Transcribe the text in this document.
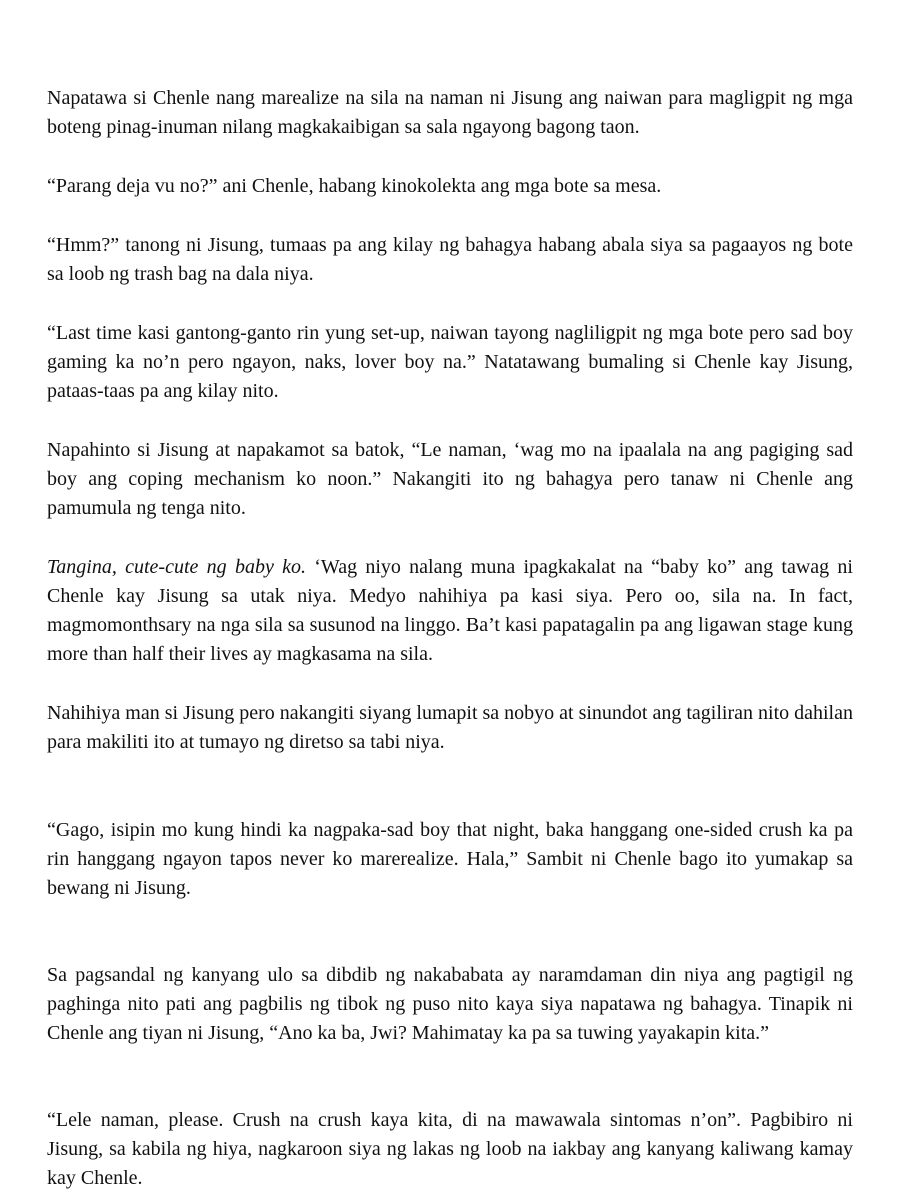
Napatawa si Chenle nang marealize na sila na naman ni Jisung ang naiwan para magligpit ng mga boteng pinag-inuman nilang magkakaibigan sa sala ngayong bagong taon.

“Parang deja vu no?” ani Chenle, habang kinokolekta ang mga bote sa mesa.

“Hmm?” tanong ni Jisung, tumaas pa ang kilay ng bahagya habang abala siya sa pagaayos ng bote sa loob ng trash bag na dala niya.

“Last time kasi gantong-ganto rin yung set-up, naiwan tayong nagliligpit ng mga bote pero sad boy gaming ka no’n pero ngayon, naks, lover boy na.” Natatawang bumaling si Chenle kay Jisung, pataas-taas pa ang kilay nito.

Napahinto si Jisung at napakamot sa batok, “Le naman, ‘wag mo na ipaalala na ang pagiging sad boy ang coping mechanism ko noon.” Nakangiti ito ng bahagya pero tanaw ni Chenle ang pamumula ng tenga nito.

Tangina, cute-cute ng baby ko. ‘Wag niyo nalang muna ipagkakalat na “baby ko” ang tawag ni Chenle kay Jisung sa utak niya. Medyo nahihiya pa kasi siya. Pero oo, sila na. In fact, magmomonthsary na nga sila sa susunod na linggo. Ba’t kasi papatagalin pa ang ligawan stage kung more than half their lives ay magkasama na sila.

Nahihiya man si Jisung pero nakangiti siyang lumapit sa nobyo at sinundot ang tagiliran nito dahilan para makiliti ito at tumayo ng diretso sa tabi niya.

“Gago, isipin mo kung hindi ka nagpaka-sad boy that night, baka hanggang one-sided crush ka pa rin hanggang ngayon tapos never ko marerealize. Hala,” Sambit ni Chenle bago ito yumakap sa bewang ni Jisung.

Sa pagsandal ng kanyang ulo sa dibdib ng nakababata ay naramdaman din niya ang pagtigil ng paghinga nito pati ang pagbilis ng tibok ng puso nito kaya siya napatawa ng bahagya. Tinapik ni Chenle ang tiyan ni Jisung, “Ano ka ba, Jwi? Mahimatay ka pa sa tuwing yayakapin kita.”

“Lele naman, please. Crush na crush kaya kita, di na mawawala sintomas n’on”. Pagbibiro ni Jisung, sa kabila ng hiya, nagkaroon siya ng lakas ng loob na iakbay ang kanyang kaliwang kamay kay Chenle.
